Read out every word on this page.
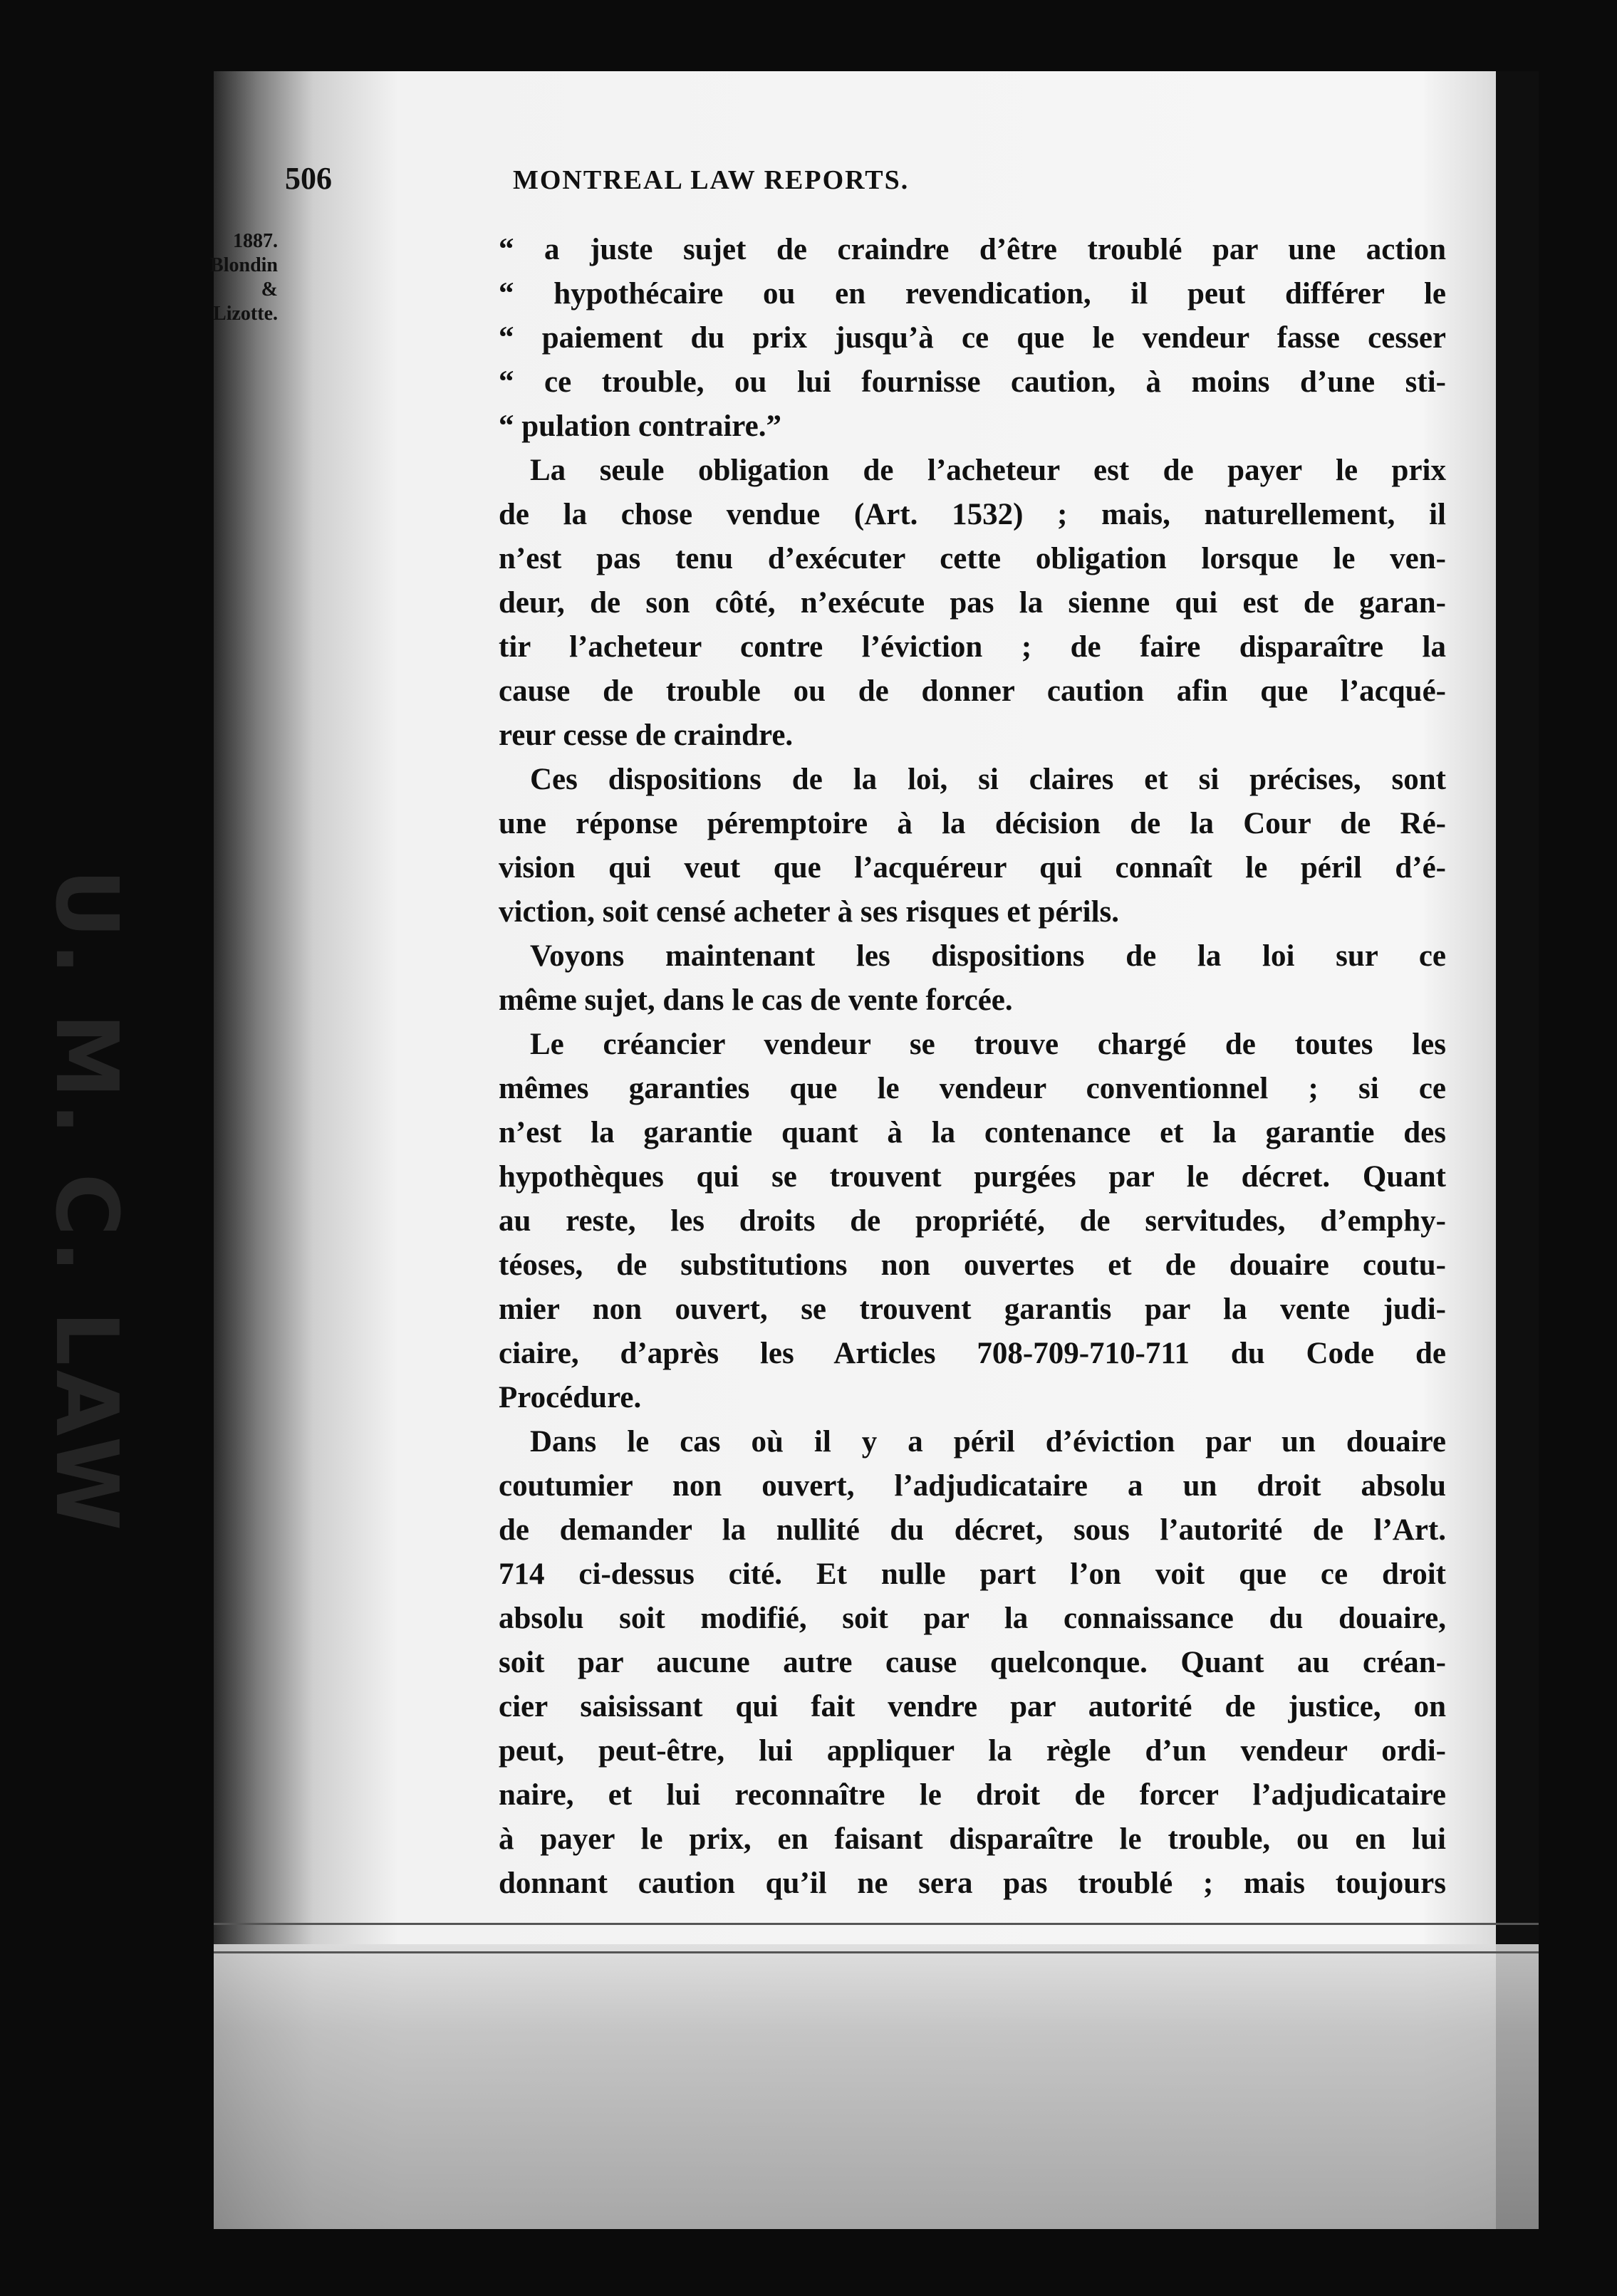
U. M. C. LAW
506	MONTREAL LAW REPORTS.
1887.
Blondin
&
Lizotte.
“ a juste sujet de craindre d’être troublé par une action
“ hypothécaire ou en revendication, il peut différer le
“ paiement du prix jusqu’à ce que le vendeur fasse cesser
“ ce trouble, ou lui fournisse caution, à moins d’une sti-
“ pulation contraire.”
La seule obligation de l’acheteur est de payer le prix
de la chose vendue (Art. 1532) ; mais, naturellement, il
n’est pas tenu d’exécuter cette obligation lorsque le ven-
deur, de son côté, n’exécute pas la sienne qui est de garan-
tir l’acheteur contre l’éviction ; de faire disparaître la
cause de trouble ou de donner caution afin que l’acqué-
reur cesse de craindre.
Ces dispositions de la loi, si claires et si précises, sont
une réponse péremptoire à la décision de la Cour de Ré-
vision qui veut que l’acquéreur qui connaît le péril d’é-
viction, soit censé acheter à ses risques et périls.
Voyons maintenant les dispositions de la loi sur ce
même sujet, dans le cas de vente forcée.
Le créancier vendeur se trouve chargé de toutes les
mêmes garanties que le vendeur conventionnel ; si ce
n’est la garantie quant à la contenance et la garantie des
hypothèques qui se trouvent purgées par le décret. Quant
au reste, les droits de propriété, de servitudes, d’emphy-
téoses, de substitutions non ouvertes et de douaire coutu-
mier non ouvert, se trouvent garantis par la vente judi-
ciaire, d’après les Articles 708-709-710-711 du Code de
Procédure.
Dans le cas où il y a péril d’éviction par un douaire
coutumier non ouvert, l’adjudicataire a un droit absolu
de demander la nullité du décret, sous l’autorité de l’Art.
714 ci-dessus cité. Et nulle part l’on voit que ce droit
absolu soit modifié, soit par la connaissance du douaire,
soit par aucune autre cause quelconque. Quant au créan-
cier saisissant qui fait vendre par autorité de justice, on
peut, peut-être, lui appliquer la règle d’un vendeur ordi-
naire, et lui reconnaître le droit de forcer l’adjudicataire
à payer le prix, en faisant disparaître le trouble, ou en lui
donnant caution qu’il ne sera pas troublé ; mais toujours
